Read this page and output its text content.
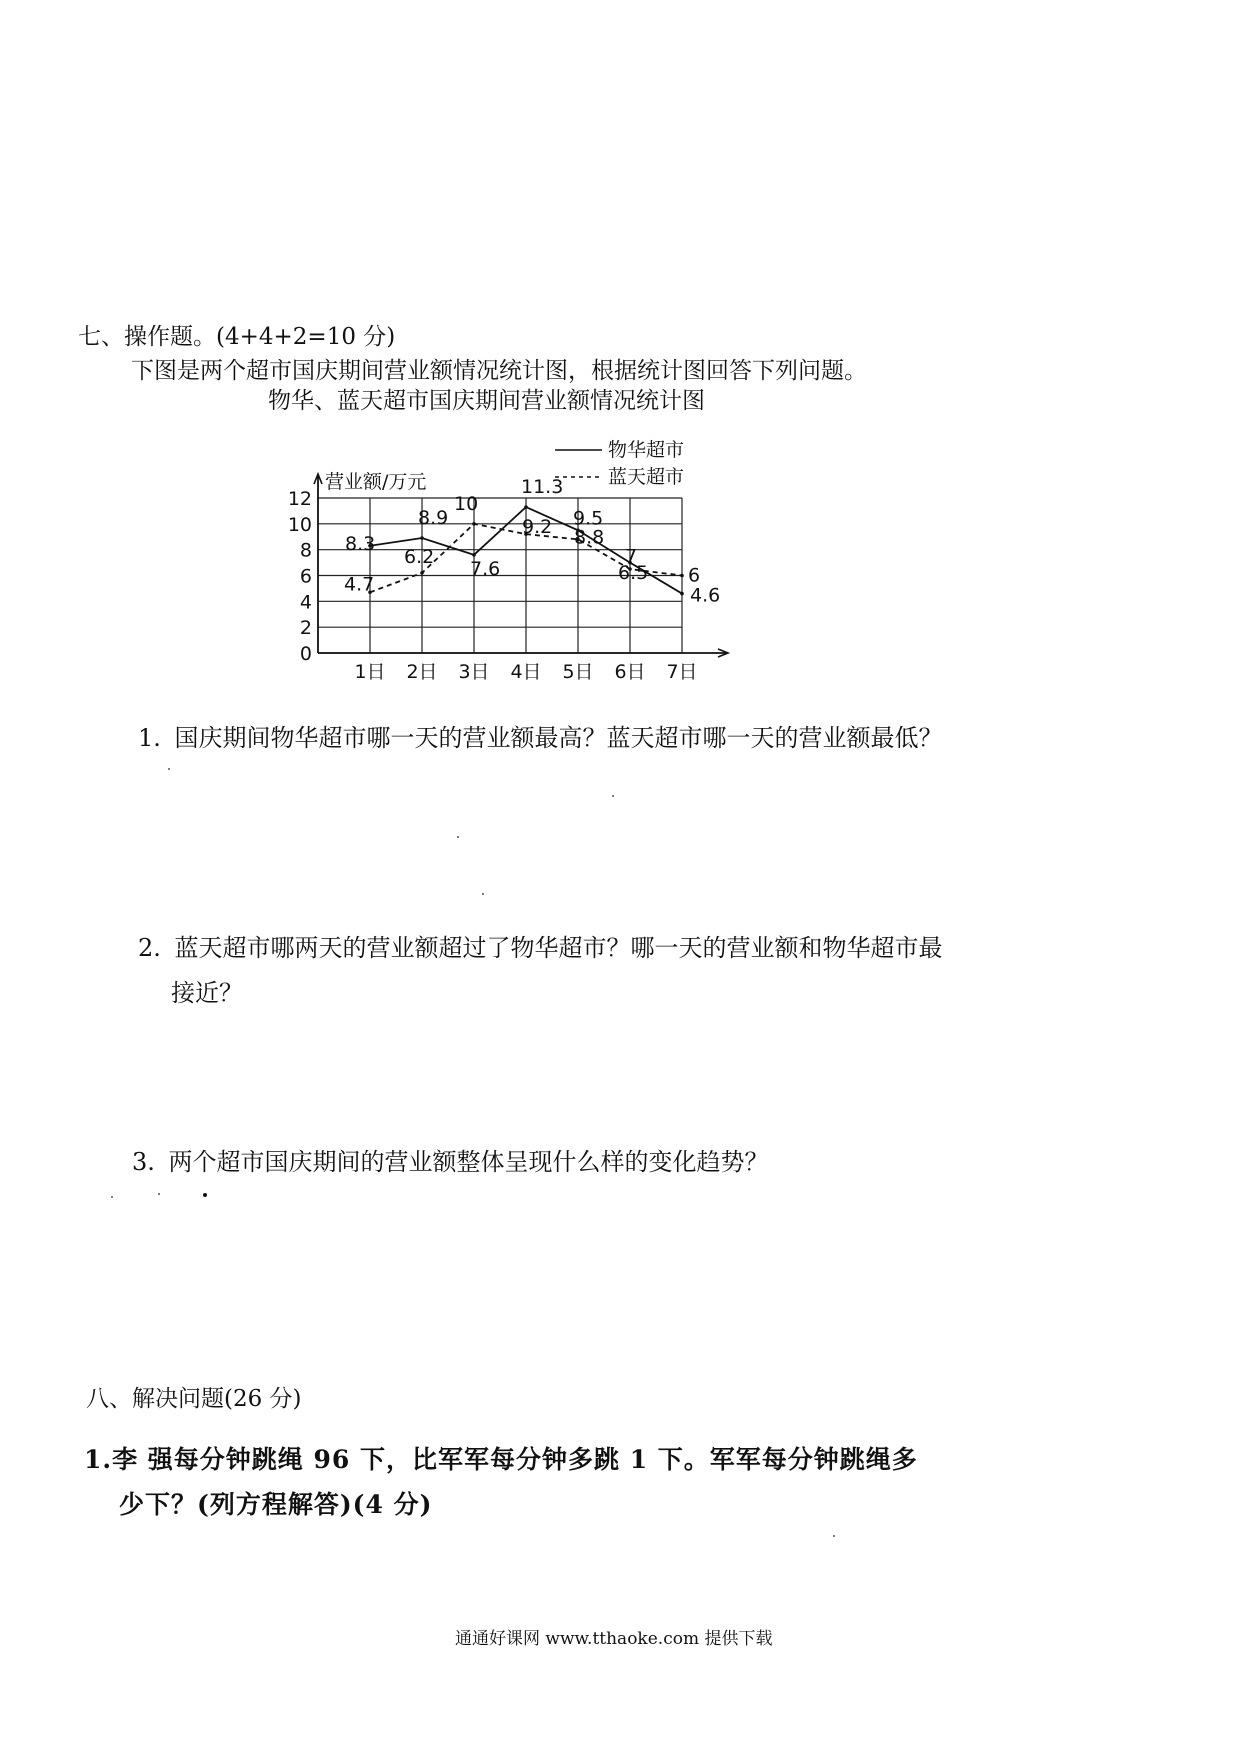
七、操作题。(4+4+2=10 分)
下图是两个超市国庆期间营业额情况统计图，根据统计图回答下列问题。
物华、蓝天超市国庆期间营业额情况统计图
营业额/万元
物华超市
蓝天超市
0
2
4
6
8
10
12
1日 2日 3日 4日 5日 6日 7日
8.3
8.9
7.6
11.3
9.5
7
4.6
4.7
6.2
10
9.2 8.8
6.5 6
1. 国庆期间物华超市哪一天的营业额最高？蓝天超市哪一天的营业额最低？
2. 蓝天超市哪两天的营业额超过了物华超市？哪一天的营业额和物华超市最
接近？
3. 两个超市国庆期间的营业额整体呈现什么样的变化趋势？
八、解决问题(26 分)
1.李 强每分钟跳绳 96 下，比军军每分钟多跳 1 下。军军每分钟跳绳多
少下？(列方程解答)(4 分)
通通好课网 www.tthaoke.com 提供下载
